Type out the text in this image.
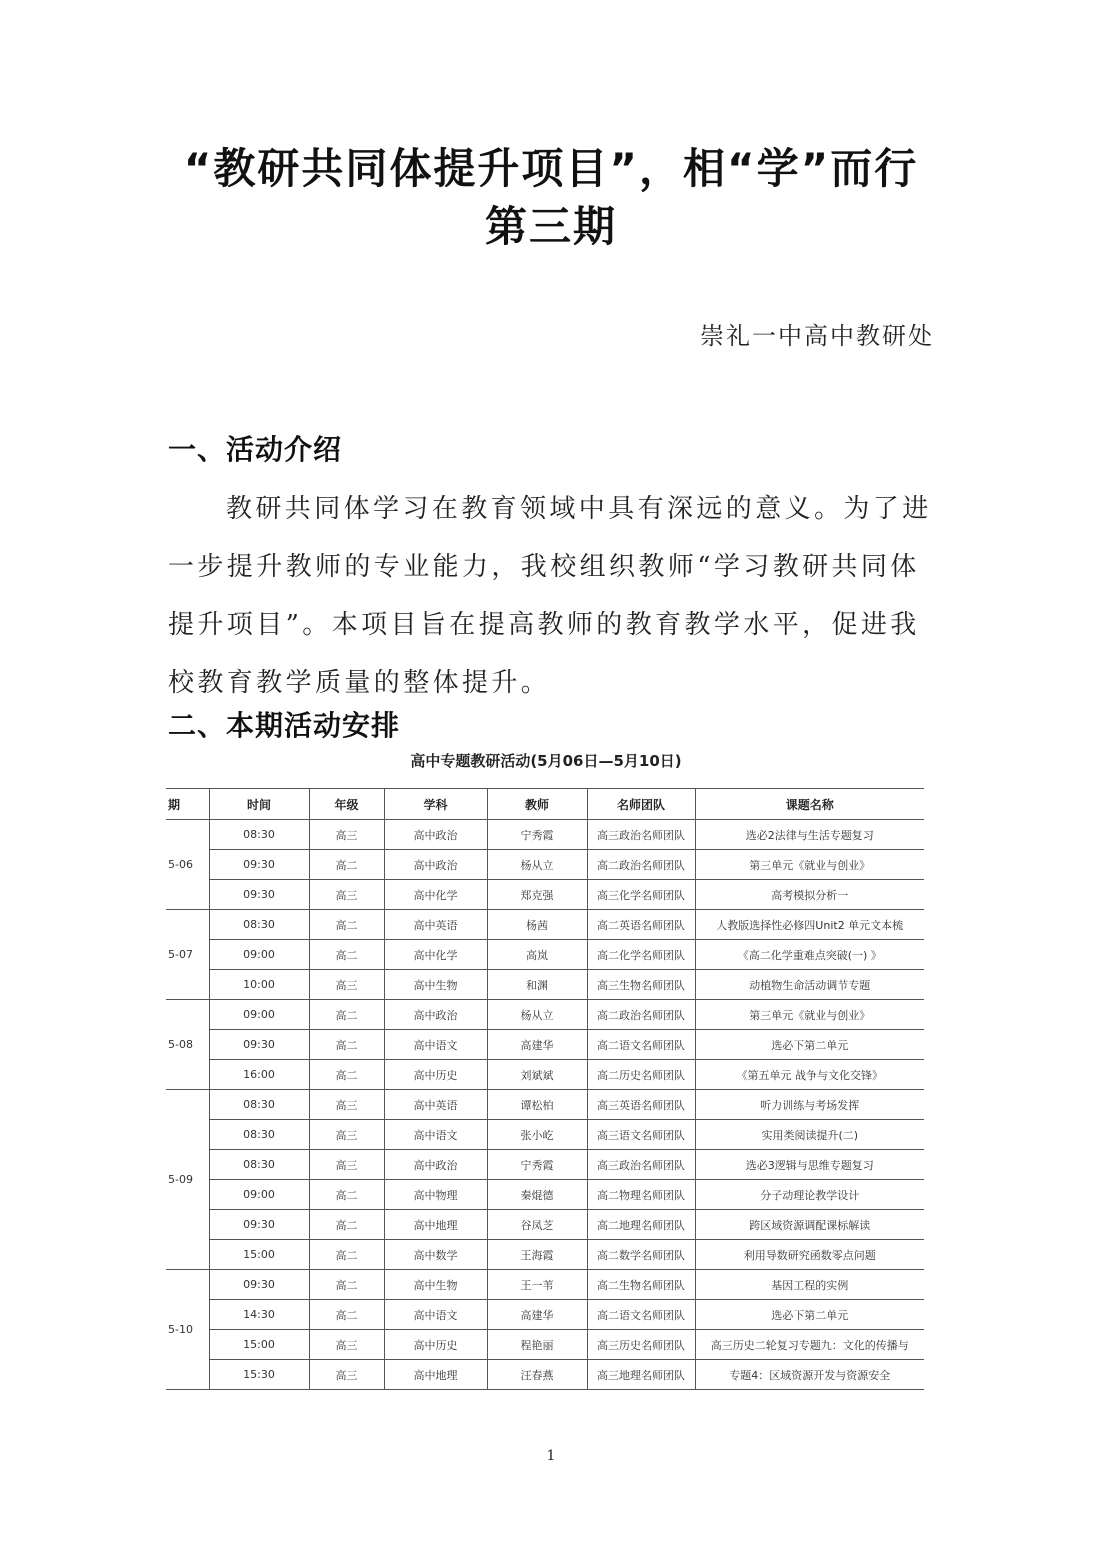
“教研共同体提升项目”，相“学”而行
第三期
崇礼一中高中教研处
一、活动介绍
教研共同体学习在教育领域中具有深远的意义。为了进
一步提升教师的专业能力，我校组织教师“学习教研共同体
提升项目”。本项目旨在提高教师的教育教学水平，促进我
校教育教学质量的整体提升。
二、本期活动安排
高中专题教研活动(5月06日—5月10日)
期	时间	年级	学科	教师	名师团队	课题名称
5-06	08:30	高三	高中政治	宁秀霞	高三政治名师团队	选必2法律与生活专题复习
	09:30	高二	高中政治	杨从立	高二政治名师团队	第三单元《就业与创业》
	09:30	高三	高中化学	郑克强	高三化学名师团队	高考模拟分析一
5-07	08:30	高二	高中英语	杨茜	高二英语名师团队	人教版选择性必修四Unit2 单元文本梳
	09:00	高二	高中化学	高岚	高二化学名师团队	《高二化学重难点突破(一) 》
	10:00	高三	高中生物	和渊	高三生物名师团队	动植物生命活动调节专题
5-08	09:00	高二	高中政治	杨从立	高二政治名师团队	第三单元《就业与创业》
	09:30	高二	高中语文	高建华	高二语文名师团队	选必下第二单元
	16:00	高二	高中历史	刘斌斌	高二历史名师团队	《第五单元 战争与文化交锋》
5-09	08:30	高三	高中英语	谭松柏	高三英语名师团队	听力训练与考场发挥
	08:30	高三	高中语文	张小屹	高三语文名师团队	实用类阅读提升(二)
	08:30	高三	高中政治	宁秀霞	高三政治名师团队	选必3逻辑与思维专题复习
	09:00	高二	高中物理	秦焜德	高二物理名师团队	分子动理论教学设计
	09:30	高二	高中地理	谷凤芝	高二地理名师团队	跨区域资源调配课标解读
	15:00	高二	高中数学	王海霞	高二数学名师团队	利用导数研究函数零点问题
5-10	09:30	高二	高中生物	王一苇	高二生物名师团队	基因工程的实例
	14:30	高二	高中语文	高建华	高二语文名师团队	选必下第二单元
	15:00	高三	高中历史	程艳丽	高三历史名师团队	高三历史二轮复习专题九：文化的传播与
	15:30	高三	高中地理	汪春燕	高三地理名师团队	专题4：区域资源开发与资源安全
1
